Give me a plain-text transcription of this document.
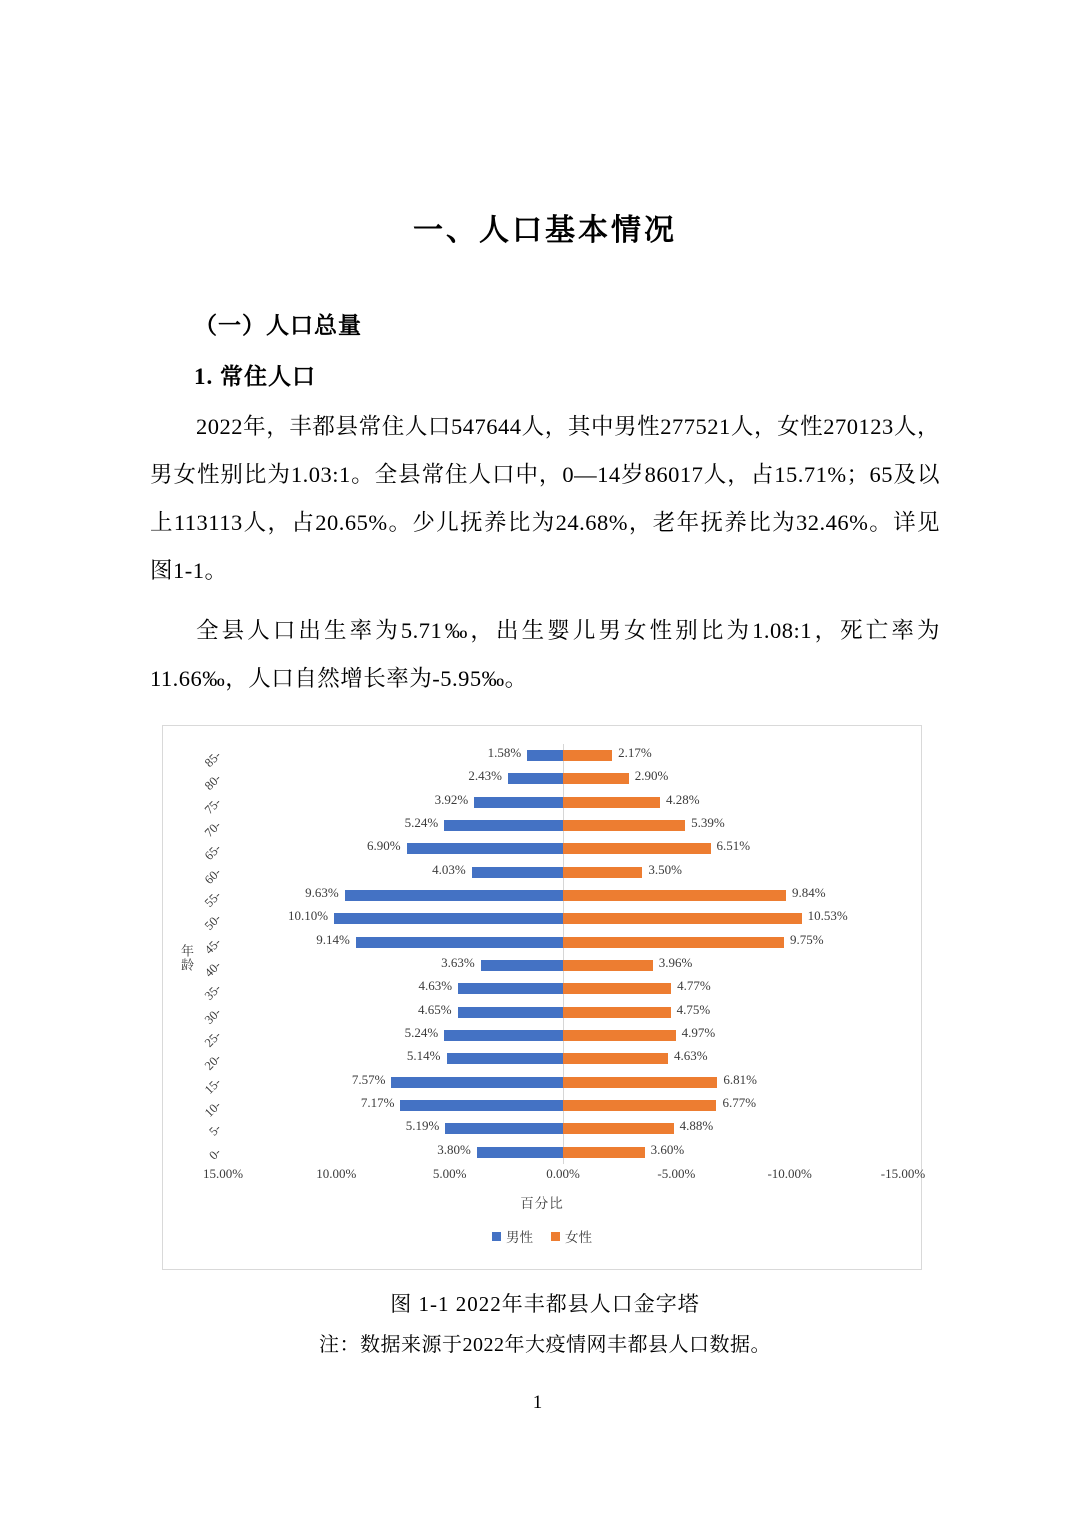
一、人口基本情况
（一）人口总量
1. 常住人口

2022年，丰都县常住人口547644人，其中男性277521人，女性270123人，男女性别比为1.03:1。全县常住人口中，0—14岁86017人，占15.71%；65及以上113113人，占20.65%。少儿抚养比为24.68%，老年抚养比为32.46%。详见图1-1。

全县人口出生率为5.71‰，出生婴儿男女性别比为1.08:1，死亡率为11.66‰，人口自然增长率为-5.95‰。

年龄
85-	1.58%	2.17%
80-	2.43%	2.90%
75-	3.92%	4.28%
70-	5.24%	5.39%
65-	6.90%	6.51%
60-	4.03%	3.50%
55-	9.63%	9.84%
50-	10.10%	10.53%
45-	9.14%	9.75%
40-	3.63%	3.96%
35-	4.63%	4.77%
30-	4.65%	4.75%
25-	5.24%	4.97%
20-	5.14%	4.63%
15-	7.57%	6.81%
10-	7.17%	6.77%
5-	5.19%	4.88%
0-	3.80%	3.60%
15.00%	10.00%	5.00%	0.00%	-5.00%	-10.00%	-15.00%
百分比
男性 女性
图 1-1 2022年丰都县人口金字塔
注：数据来源于2022年大疫情网丰都县人口数据。
1
